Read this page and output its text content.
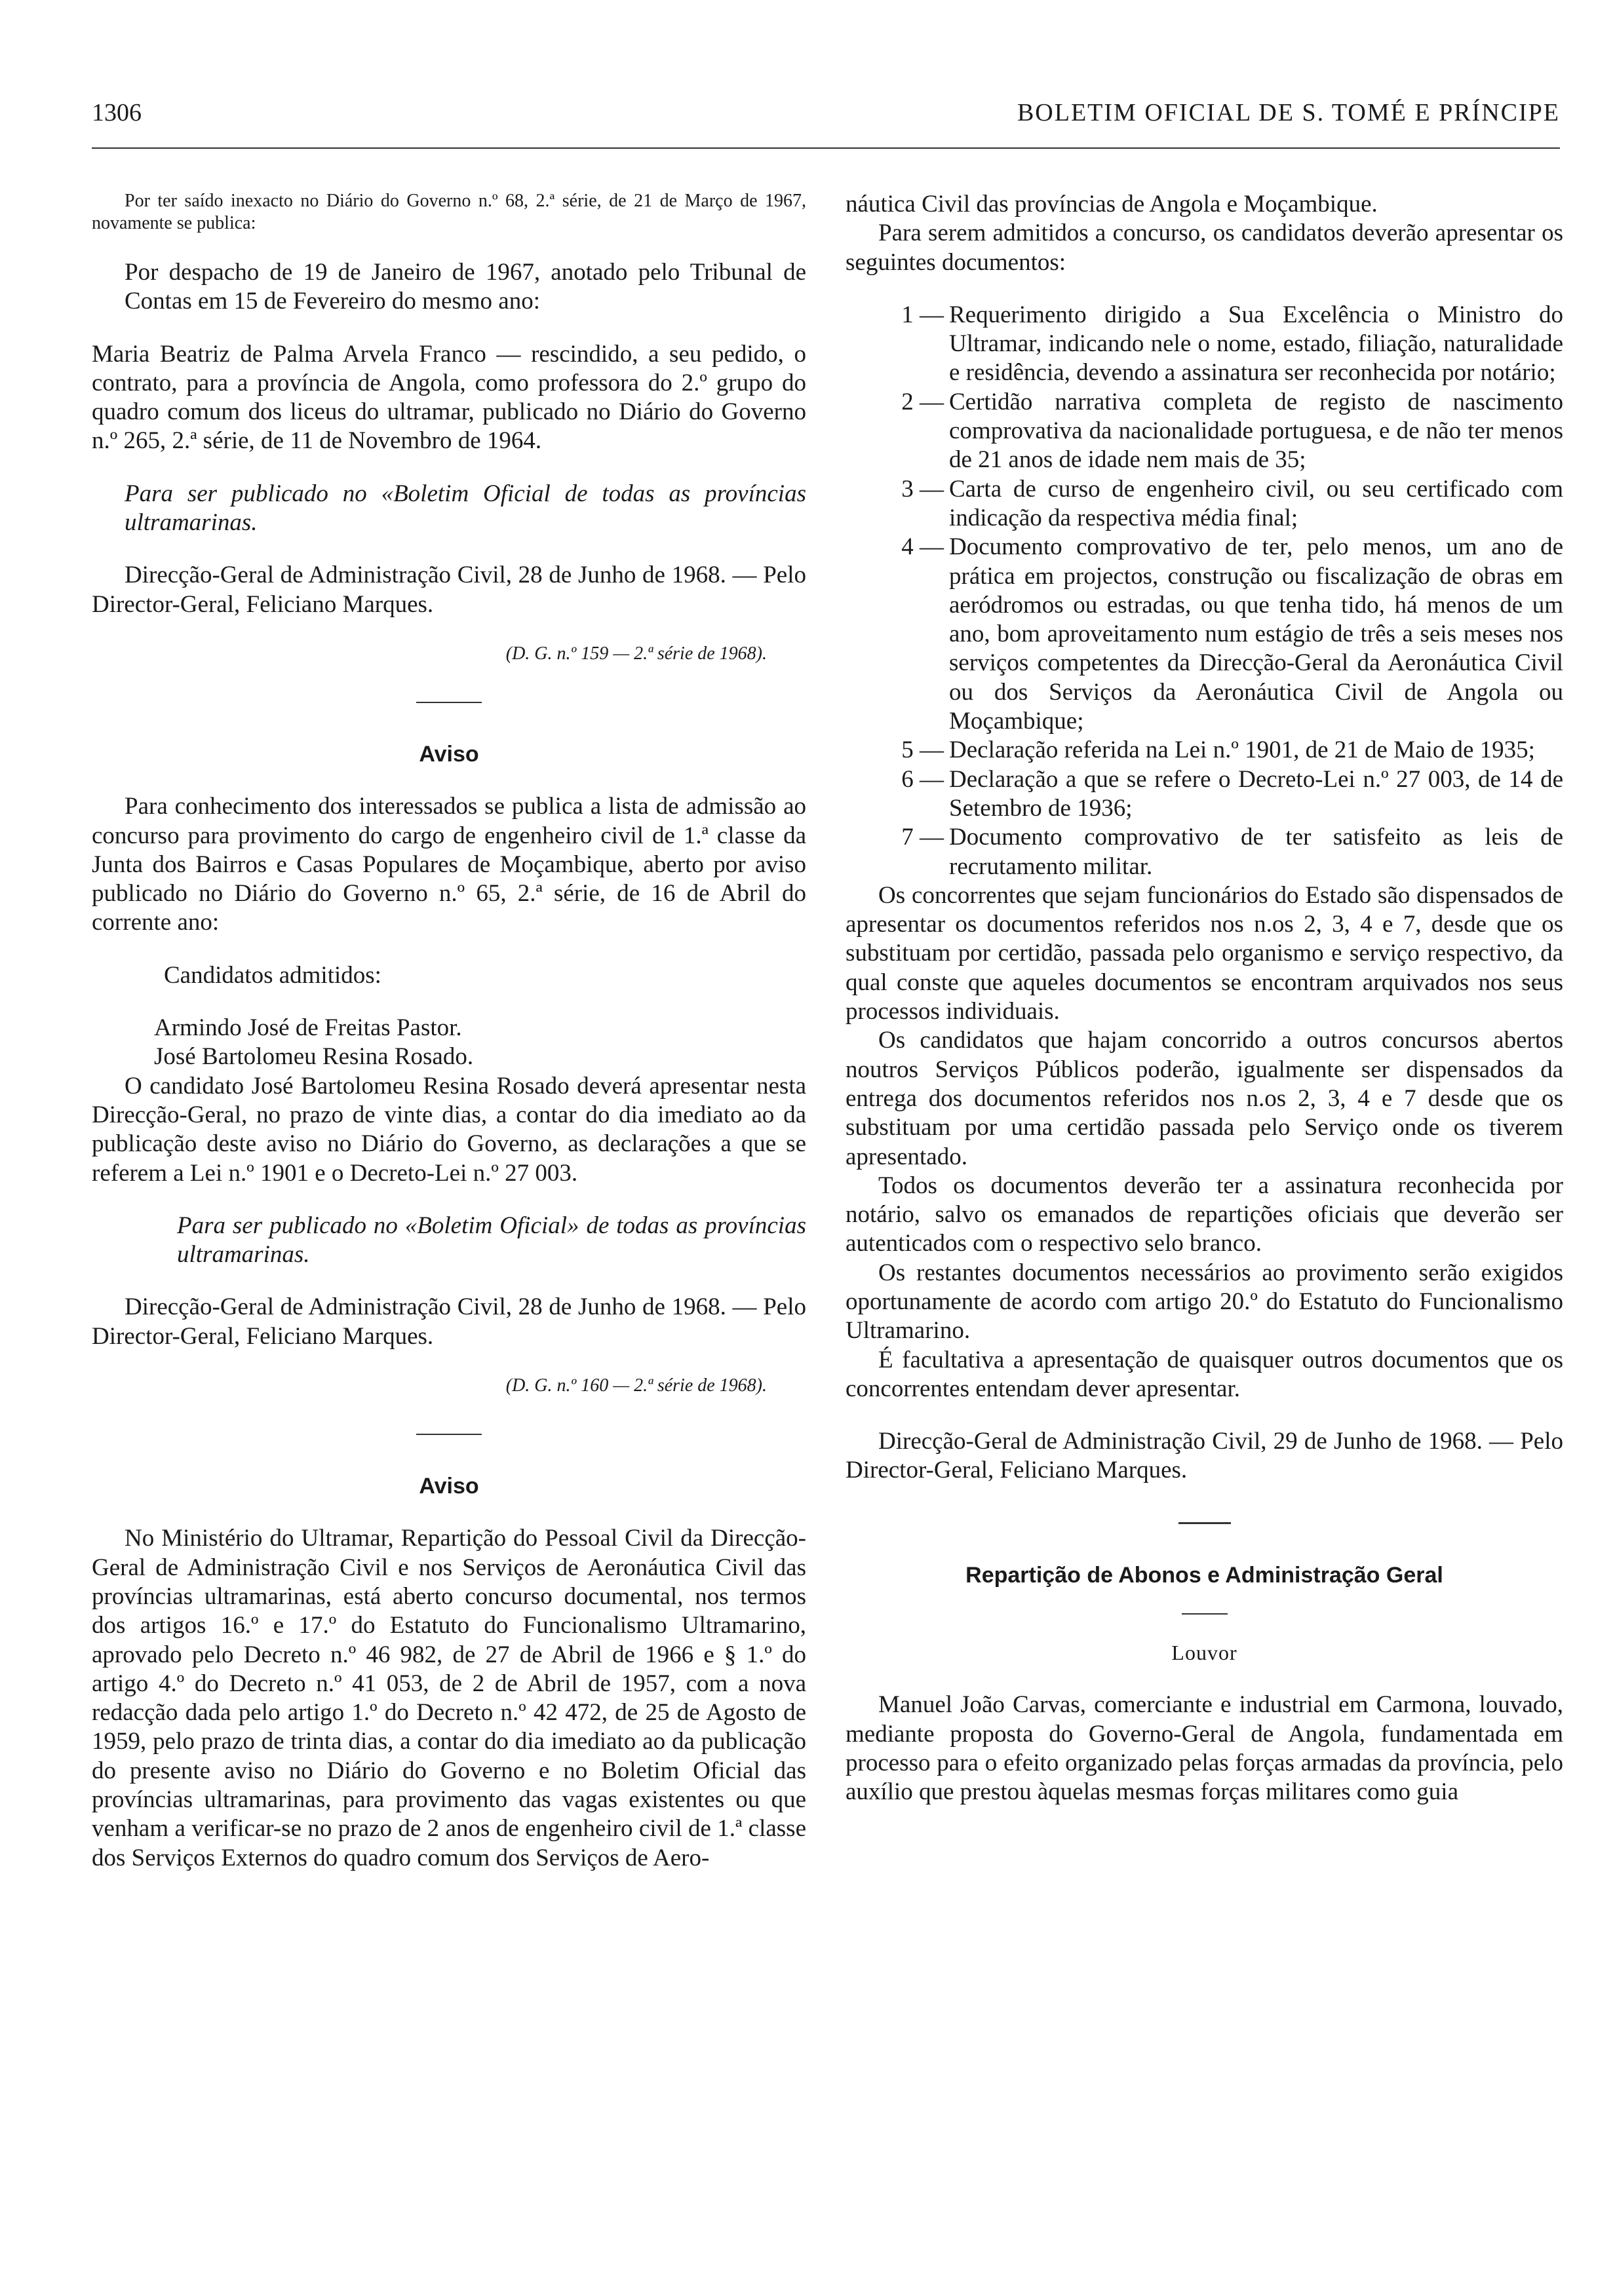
1306	BOLETIM OFICIAL DE S. TOMÉ E PRÍNCIPE

Por ter saído inexacto no Diário do Governo n.º 68, 2.ª série, de 21 de Março de 1967, novamente se publica:

Por despacho de 19 de Janeiro de 1967, anotado pelo Tribunal de Contas em 15 de Fevereiro do mesmo ano:

Maria Beatriz de Palma Arvela Franco — rescindido, a seu pedido, o contrato, para a província de Angola, como professora do 2.º grupo do quadro comum dos liceus do ultramar, publicado no Diário do Governo n.º 265, 2.ª série, de 11 de Novembro de 1964.

Para ser publicado no «Boletim Oficial de todas as províncias ultramarinas.

Direcção-Geral de Administração Civil, 28 de Junho de 1968. — Pelo Director-Geral, Feliciano Marques.

(D. G. n.º 159 — 2.ª série de 1968).

Aviso

Para conhecimento dos interessados se publica a lista de admissão ao concurso para provimento do cargo de engenheiro civil de 1.ª classe da Junta dos Bairros e Casas Populares de Moçambique, aberto por aviso publicado no Diário do Governo n.º 65, 2.ª série, de 16 de Abril do corrente ano:

Candidatos admitidos:

Armindo José de Freitas Pastor.

José Bartolomeu Resina Rosado.

O candidato José Bartolomeu Resina Rosado deverá apresentar nesta Direcção-Geral, no prazo de vinte dias, a contar do dia imediato ao da publicação deste aviso no Diário do Governo, as declarações a que se referem a Lei n.º 1901 e o Decreto-Lei n.º 27 003.

Para ser publicado no «Boletim Oficial» de todas as províncias ultramarinas.

Direcção-Geral de Administração Civil, 28 de Junho de 1968. — Pelo Director-Geral, Feliciano Marques.

(D. G. n.º 160 — 2.ª série de 1968).

Aviso

No Ministério do Ultramar, Repartição do Pessoal Civil da Direcção-Geral de Administração Civil e nos Serviços de Aeronáutica Civil das províncias ultramarinas, está aberto concurso documental, nos termos dos artigos 16.º e 17.º do Estatuto do Funcionalismo Ultramarino, aprovado pelo Decreto n.º 46 982, de 27 de Abril de 1966 e § 1.º do artigo 4.º do Decreto n.º 41 053, de 2 de Abril de 1957, com a nova redacção dada pelo artigo 1.º do Decreto n.º 42 472, de 25 de Agosto de 1959, pelo prazo de trinta dias, a contar do dia imediato ao da publicação do presente aviso no Diário do Governo e no Boletim Oficial das províncias ultramarinas, para provimento das vagas existentes ou que venham a verificar-se no prazo de 2 anos de engenheiro civil de 1.ª classe dos Serviços Externos do quadro comum dos Serviços de Aero-

náutica Civil das províncias de Angola e Moçambique.

Para serem admitidos a concurso, os candidatos deverão apresentar os seguintes documentos:

1 — Requerimento dirigido a Sua Excelência o Ministro do Ultramar, indicando nele o nome, estado, filiação, naturalidade e residência, devendo a assinatura ser reconhecida por notário;
2 — Certidão narrativa completa de registo de nascimento comprovativa da nacionalidade portuguesa, e de não ter menos de 21 anos de idade nem mais de 35;
3 — Carta de curso de engenheiro civil, ou seu certificado com indicação da respectiva média final;
4 — Documento comprovativo de ter, pelo menos, um ano de prática em projectos, construção ou fiscalização de obras em aeródromos ou estradas, ou que tenha tido, há menos de um ano, bom aproveitamento num estágio de três a seis meses nos serviços competentes da Direcção-Geral da Aeronáutica Civil ou dos Serviços da Aeronáutica Civil de Angola ou Moçambique;
5 — Declaração referida na Lei n.º 1901, de 21 de Maio de 1935;
6 — Declaração a que se refere o Decreto-Lei n.º 27 003, de 14 de Setembro de 1936;
7 — Documento comprovativo de ter satisfeito as leis de recrutamento militar.

Os concorrentes que sejam funcionários do Estado são dispensados de apresentar os documentos referidos nos n.os 2, 3, 4 e 7, desde que os substituam por certidão, passada pelo organismo e serviço respectivo, da qual conste que aqueles documentos se encontram arquivados nos seus processos individuais.

Os candidatos que hajam concorrido a outros concursos abertos noutros Serviços Públicos poderão, igualmente ser dispensados da entrega dos documentos referidos nos n.os 2, 3, 4 e 7 desde que os substituam por uma certidão passada pelo Serviço onde os tiverem apresentado.

Todos os documentos deverão ter a assinatura reconhecida por notário, salvo os emanados de repartições oficiais que deverão ser autenticados com o respectivo selo branco.

Os restantes documentos necessários ao provimento serão exigidos oportunamente de acordo com artigo 20.º do Estatuto do Funcionalismo Ultramarino.

É facultativa a apresentação de quaisquer outros documentos que os concorrentes entendam dever apresentar.

Direcção-Geral de Administração Civil, 29 de Junho de 1968. — Pelo Director-Geral, Feliciano Marques.

Repartição de Abonos e Administração Geral

Louvor

Manuel João Carvas, comerciante e industrial em Carmona, louvado, mediante proposta do Governo-Geral de Angola, fundamentada em processo para o efeito organizado pelas forças armadas da província, pelo auxílio que prestou àquelas mesmas forças militares como guia
